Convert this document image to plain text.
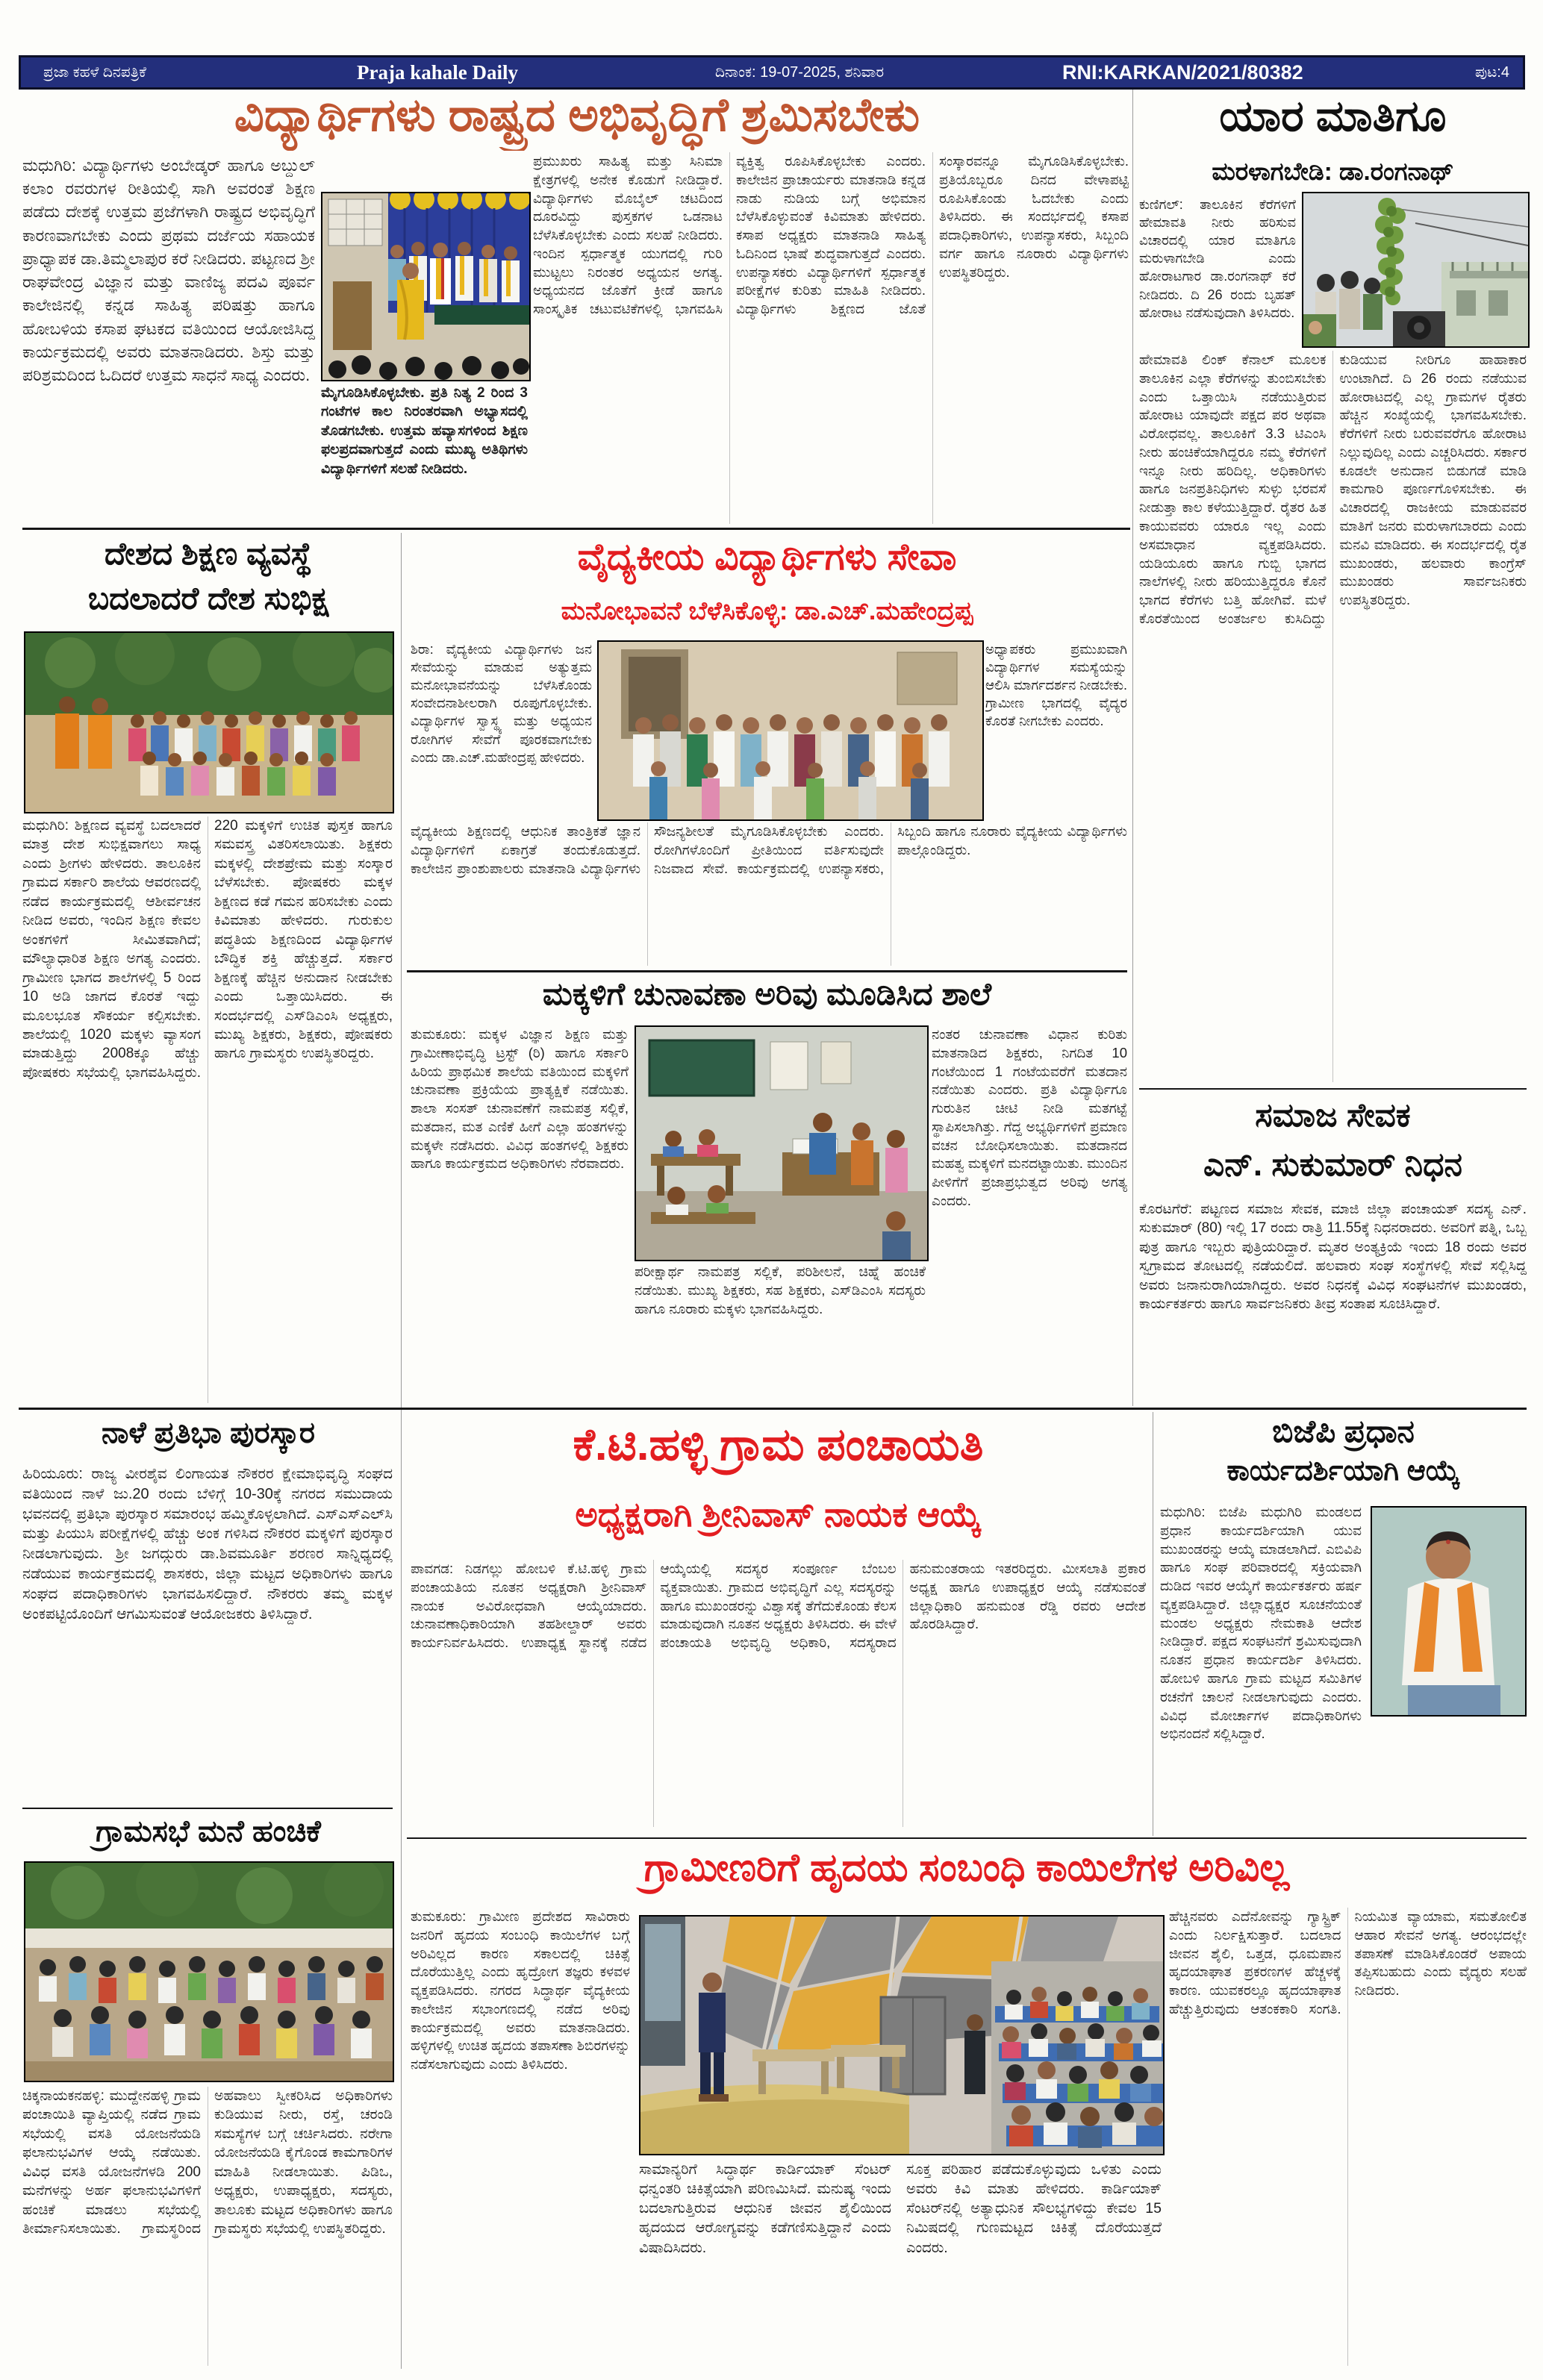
ಪ್ರಜಾ ಕಹಳೆ ದಿನಪತ್ರಿಕೆ	Praja kahale Daily	ದಿನಾಂಕ: 19-07-2025, ಶನಿವಾರ	RNI:KARKAN/2021/80382	ಪುಟ:4
ವಿದ್ಯಾರ್ಥಿಗಳು ರಾಷ್ಟ್ರದ ಅಭಿವೃದ್ಧಿಗೆ ಶ್ರಮಿಸಬೇಕು
ಮಧುಗಿರಿ: ವಿದ್ಯಾರ್ಥಿಗಳು ಅಂಬೇಡ್ಕರ್ ಹಾಗೂ ಅಬ್ದುಲ್ ಕಲಾಂ ರವರುಗಳ ರೀತಿಯಲ್ಲಿ ಸಾಗಿ ಅವರಂತೆ ಶಿಕ್ಷಣ ಪಡೆದು ದೇಶಕ್ಕೆ ಉತ್ತಮ ಪ್ರಜೆಗಳಾಗಿ ರಾಷ್ಟ್ರದ ಅಭಿವೃದ್ಧಿಗೆ ಕಾರಣವಾಗಬೇಕು ಎಂದು ಪ್ರಥಮ ದರ್ಜೆಯ ಸಹಾಯಕ ಪ್ರಾಧ್ಯಾಪಕ ಡಾ.ತಿಮ್ಮಲಾಪುರ ಕರೆ ನೀಡಿದರು. ಪಟ್ಟಣದ ಶ್ರೀ ರಾಘವೇಂದ್ರ ವಿಜ್ಞಾನ ಮತ್ತು ವಾಣಿಜ್ಯ ಪದವಿ ಪೂರ್ವ ಕಾಲೇಜಿನಲ್ಲಿ ಕನ್ನಡ ಸಾಹಿತ್ಯ ಪರಿಷತ್ತು ಹಾಗೂ ಹೋಬಳಿಯ ಕಸಾಪ ಘಟಕದ ವತಿಯಿಂದ ಆಯೋಜಿಸಿದ್ದ ಕಾರ್ಯಕ್ರಮದಲ್ಲಿ ಅವರು ಮಾತನಾಡಿದರು. ಶಿಸ್ತು ಮತ್ತು ಪರಿಶ್ರಮದಿಂದ ಓದಿದರೆ ಉತ್ತಮ ಸಾಧನೆ ಸಾಧ್ಯ ಎಂದರು.
ಮೈಗೂಡಿಸಿಕೊಳ್ಳಬೇಕು. ಪ್ರತಿ ನಿತ್ಯ 2 ರಿಂದ 3 ಗಂಟೆಗಳ ಕಾಲ ನಿರಂತರವಾಗಿ ಅಭ್ಯಾಸದಲ್ಲಿ ತೊಡಗಬೇಕು. ಉತ್ತಮ ಹವ್ಯಾಸಗಳಿಂದ ಶಿಕ್ಷಣ ಫಲಪ್ರದವಾಗುತ್ತದೆ ಎಂದು ಮುಖ್ಯ ಅತಿಥಿಗಳು ವಿದ್ಯಾರ್ಥಿಗಳಿಗೆ ಸಲಹೆ ನೀಡಿದರು.
ಪ್ರಮುಖರು ಸಾಹಿತ್ಯ ಮತ್ತು ಸಿನಿಮಾ ಕ್ಷೇತ್ರಗಳಲ್ಲಿ ಅನೇಕ ಕೊಡುಗೆ ನೀಡಿದ್ದಾರೆ. ವಿದ್ಯಾರ್ಥಿಗಳು ಮೊಬೈಲ್ ಚಟದಿಂದ ದೂರವಿದ್ದು ಪುಸ್ತಕಗಳ ಒಡನಾಟ ಬೆಳೆಸಿಕೊಳ್ಳಬೇಕು ಎಂದು ಸಲಹೆ ನೀಡಿದರು. ಇಂದಿನ ಸ್ಪರ್ಧಾತ್ಮಕ ಯುಗದಲ್ಲಿ ಗುರಿ ಮುಟ್ಟಲು ನಿರಂತರ ಅಧ್ಯಯನ ಅಗತ್ಯ. ಅಧ್ಯಯನದ ಜೊತೆಗೆ ಕ್ರೀಡೆ ಹಾಗೂ ಸಾಂಸ್ಕೃತಿಕ ಚಟುವಟಿಕೆಗಳಲ್ಲಿ ಭಾಗವಹಿಸಿ ವ್ಯಕ್ತಿತ್ವ ರೂಪಿಸಿಕೊಳ್ಳಬೇಕು ಎಂದರು. ಕಾಲೇಜಿನ ಪ್ರಾಚಾರ್ಯರು ಮಾತನಾಡಿ ಕನ್ನಡ ನಾಡು ನುಡಿಯ ಬಗ್ಗೆ ಅಭಿಮಾನ ಬೆಳೆಸಿಕೊಳ್ಳುವಂತೆ ಕಿವಿಮಾತು ಹೇಳಿದರು. ಕಸಾಪ ಅಧ್ಯಕ್ಷರು ಮಾತನಾಡಿ ಸಾಹಿತ್ಯ ಓದಿನಿಂದ ಭಾಷೆ ಶುದ್ಧವಾಗುತ್ತದೆ ಎಂದರು. ಉಪನ್ಯಾಸಕರು ವಿದ್ಯಾರ್ಥಿಗಳಿಗೆ ಸ್ಪರ್ಧಾತ್ಮಕ ಪರೀಕ್ಷೆಗಳ ಕುರಿತು ಮಾಹಿತಿ ನೀಡಿದರು. ವಿದ್ಯಾರ್ಥಿಗಳು ಶಿಕ್ಷಣದ ಜೊತೆ ಸಂಸ್ಕಾರವನ್ನೂ ಮೈಗೂಡಿಸಿಕೊಳ್ಳಬೇಕು. ಪ್ರತಿಯೊಬ್ಬರೂ ದಿನದ ವೇಳಾಪಟ್ಟಿ ರೂಪಿಸಿಕೊಂಡು ಓದಬೇಕು ಎಂದು ತಿಳಿಸಿದರು. ಈ ಸಂದರ್ಭದಲ್ಲಿ ಕಸಾಪ ಪದಾಧಿಕಾರಿಗಳು, ಉಪನ್ಯಾಸಕರು, ಸಿಬ್ಬಂದಿ ವರ್ಗ ಹಾಗೂ ನೂರಾರು ವಿದ್ಯಾರ್ಥಿಗಳು ಉಪಸ್ಥಿತರಿದ್ದರು.
ಯಾರ ಮಾತಿಗೂ
ಮರಳಾಗಬೇಡಿ: ಡಾ.ರಂಗನಾಥ್
ಕುಣಿಗಲ್: ತಾಲೂಕಿನ ಕೆರೆಗಳಿಗೆ ಹೇಮಾವತಿ ನೀರು ಹರಿಸುವ ವಿಚಾರದಲ್ಲಿ ಯಾರ ಮಾತಿಗೂ ಮರುಳಾಗಬೇಡಿ ಎಂದು ಹೋರಾಟಗಾರ ಡಾ.ರಂಗನಾಥ್ ಕರೆ ನೀಡಿದರು. ದಿ 26 ರಂದು ಬೃಹತ್ ಹೋರಾಟ ನಡೆಸುವುದಾಗಿ ತಿಳಿಸಿದರು.
ಹೇಮಾವತಿ ಲಿಂಕ್ ಕೆನಾಲ್ ಮೂಲಕ ತಾಲೂಕಿನ ಎಲ್ಲಾ ಕೆರೆಗಳನ್ನು ತುಂಬಿಸಬೇಕು ಎಂದು ಒತ್ತಾಯಿಸಿ ನಡೆಯುತ್ತಿರುವ ಹೋರಾಟ ಯಾವುದೇ ಪಕ್ಷದ ಪರ ಅಥವಾ ವಿರೋಧವಲ್ಲ. ತಾಲೂಕಿಗೆ 3.3 ಟಿಎಂಸಿ ನೀರು ಹಂಚಿಕೆಯಾಗಿದ್ದರೂ ನಮ್ಮ ಕೆರೆಗಳಿಗೆ ಇನ್ನೂ ನೀರು ಹರಿದಿಲ್ಲ. ಅಧಿಕಾರಿಗಳು ಹಾಗೂ ಜನಪ್ರತಿನಿಧಿಗಳು ಸುಳ್ಳು ಭರವಸೆ ನೀಡುತ್ತಾ ಕಾಲ ಕಳೆಯುತ್ತಿದ್ದಾರೆ. ರೈತರ ಹಿತ ಕಾಯುವವರು ಯಾರೂ ಇಲ್ಲ ಎಂದು ಅಸಮಾಧಾನ ವ್ಯಕ್ತಪಡಿಸಿದರು. ಯಡಿಯೂರು ಹಾಗೂ ಗುಬ್ಬಿ ಭಾಗದ ನಾಲೆಗಳಲ್ಲಿ ನೀರು ಹರಿಯುತ್ತಿದ್ದರೂ ಕೊನೆ ಭಾಗದ ಕೆರೆಗಳು ಬತ್ತಿ ಹೋಗಿವೆ. ಮಳೆ ಕೊರತೆಯಿಂದ ಅಂತರ್ಜಲ ಕುಸಿದಿದ್ದು ಕುಡಿಯುವ ನೀರಿಗೂ ಹಾಹಾಕಾರ ಉಂಟಾಗಿದೆ. ದಿ 26 ರಂದು ನಡೆಯುವ ಹೋರಾಟದಲ್ಲಿ ಎಲ್ಲ ಗ್ರಾಮಗಳ ರೈತರು ಹೆಚ್ಚಿನ ಸಂಖ್ಯೆಯಲ್ಲಿ ಭಾಗವಹಿಸಬೇಕು. ಕೆರೆಗಳಿಗೆ ನೀರು ಬರುವವರೆಗೂ ಹೋರಾಟ ನಿಲ್ಲುವುದಿಲ್ಲ ಎಂದು ಎಚ್ಚರಿಸಿದರು. ಸರ್ಕಾರ ಕೂಡಲೇ ಅನುದಾನ ಬಿಡುಗಡೆ ಮಾಡಿ ಕಾಮಗಾರಿ ಪೂರ್ಣಗೊಳಿಸಬೇಕು. ಈ ವಿಚಾರದಲ್ಲಿ ರಾಜಕೀಯ ಮಾಡುವವರ ಮಾತಿಗೆ ಜನರು ಮರುಳಾಗಬಾರದು ಎಂದು ಮನವಿ ಮಾಡಿದರು. ಈ ಸಂದರ್ಭದಲ್ಲಿ ರೈತ ಮುಖಂಡರು, ಹಲವಾರು ಕಾಂಗ್ರೆಸ್ ಮುಖಂಡರು ಸಾರ್ವಜನಿಕರು ಉಪಸ್ಥಿತರಿದ್ದರು.
ದೇಶದ ಶಿಕ್ಷಣ ವ್ಯವಸ್ಥೆ
ಬದಲಾದರೆ ದೇಶ ಸುಭಿಕ್ಷ
ಮಧುಗಿರಿ: ಶಿಕ್ಷಣದ ವ್ಯವಸ್ಥೆ ಬದಲಾದರೆ ಮಾತ್ರ ದೇಶ ಸುಭಿಕ್ಷವಾಗಲು ಸಾಧ್ಯ ಎಂದು ಶ್ರೀಗಳು ಹೇಳಿದರು. ತಾಲೂಕಿನ ಗ್ರಾಮದ ಸರ್ಕಾರಿ ಶಾಲೆಯ ಆವರಣದಲ್ಲಿ ನಡೆದ ಕಾರ್ಯಕ್ರಮದಲ್ಲಿ ಆಶೀರ್ವಚನ ನೀಡಿದ ಅವರು, ಇಂದಿನ ಶಿಕ್ಷಣ ಕೇವಲ ಅಂಕಗಳಿಗೆ ಸೀಮಿತವಾಗಿದೆ; ಮೌಲ್ಯಾಧಾರಿತ ಶಿಕ್ಷಣ ಅಗತ್ಯ ಎಂದರು. ಗ್ರಾಮೀಣ ಭಾಗದ ಶಾಲೆಗಳಲ್ಲಿ 5 ರಿಂದ 10 ಅಡಿ ಜಾಗದ ಕೊರತೆ ಇದ್ದು ಮೂಲಭೂತ ಸೌಕರ್ಯ ಕಲ್ಪಿಸಬೇಕು. ಶಾಲೆಯಲ್ಲಿ 1020 ಮಕ್ಕಳು ವ್ಯಾಸಂಗ ಮಾಡುತ್ತಿದ್ದು 2008ಕ್ಕೂ ಹೆಚ್ಚು ಪೋಷಕರು ಸಭೆಯಲ್ಲಿ ಭಾಗವಹಿಸಿದ್ದರು. 220 ಮಕ್ಕಳಿಗೆ ಉಚಿತ ಪುಸ್ತಕ ಹಾಗೂ ಸಮವಸ್ತ್ರ ವಿತರಿಸಲಾಯಿತು. ಶಿಕ್ಷಕರು ಮಕ್ಕಳಲ್ಲಿ ದೇಶಪ್ರೇಮ ಮತ್ತು ಸಂಸ್ಕಾರ ಬೆಳೆಸಬೇಕು. ಪೋಷಕರು ಮಕ್ಕಳ ಶಿಕ್ಷಣದ ಕಡೆ ಗಮನ ಹರಿಸಬೇಕು ಎಂದು ಕಿವಿಮಾತು ಹೇಳಿದರು. ಗುರುಕುಲ ಪದ್ಧತಿಯ ಶಿಕ್ಷಣದಿಂದ ವಿದ್ಯಾರ್ಥಿಗಳ ಬೌದ್ಧಿಕ ಶಕ್ತಿ ಹೆಚ್ಚುತ್ತದೆ. ಸರ್ಕಾರ ಶಿಕ್ಷಣಕ್ಕೆ ಹೆಚ್ಚಿನ ಅನುದಾನ ನೀಡಬೇಕು ಎಂದು ಒತ್ತಾಯಿಸಿದರು. ಈ ಸಂದರ್ಭದಲ್ಲಿ ಎಸ್‌ಡಿಎಂಸಿ ಅಧ್ಯಕ್ಷರು, ಮುಖ್ಯ ಶಿಕ್ಷಕರು, ಶಿಕ್ಷಕರು, ಪೋಷಕರು ಹಾಗೂ ಗ್ರಾಮಸ್ಥರು ಉಪಸ್ಥಿತರಿದ್ದರು.
ವೈದ್ಯಕೀಯ ವಿದ್ಯಾರ್ಥಿಗಳು ಸೇವಾ
ಮನೋಭಾವನೆ ಬೆಳೆಸಿಕೊಳ್ಳಿ: ಡಾ.ಎಚ್.ಮಹೇಂದ್ರಪ್ಪ
ಶಿರಾ: ವೈದ್ಯಕೀಯ ವಿದ್ಯಾರ್ಥಿಗಳು ಜನ ಸೇವೆಯನ್ನು ಮಾಡುವ ಅತ್ಯುತ್ತಮ ಮನೋಭಾವನೆಯನ್ನು ಬೆಳೆಸಿಕೊಂಡು ಸಂವೇದನಾಶೀಲರಾಗಿ ರೂಪುಗೊಳ್ಳಬೇಕು. ವಿದ್ಯಾರ್ಥಿಗಳ ಸ್ವಾಸ್ಥ್ಯ ಮತ್ತು ಅಧ್ಯಯನ ರೋಗಿಗಳ ಸೇವೆಗೆ ಪೂರಕವಾಗಬೇಕು ಎಂದು ಡಾ.ಎಚ್.ಮಹೇಂದ್ರಪ್ಪ ಹೇಳಿದರು.
ಅಧ್ಯಾಪಕರು ಪ್ರಮುಖವಾಗಿ ವಿದ್ಯಾರ್ಥಿಗಳ ಸಮಸ್ಯೆಯನ್ನು ಆಲಿಸಿ ಮಾರ್ಗದರ್ಶನ ನೀಡಬೇಕು. ಗ್ರಾಮೀಣ ಭಾಗದಲ್ಲಿ ವೈದ್ಯರ ಕೊರತೆ ನೀಗಬೇಕು ಎಂದರು.
ವೈದ್ಯಕೀಯ ಶಿಕ್ಷಣದಲ್ಲಿ ಆಧುನಿಕ ತಾಂತ್ರಿಕತೆ ಜ್ಞಾನ ವಿದ್ಯಾರ್ಥಿಗಳಿಗೆ ಏಕಾಗ್ರತೆ ತಂದುಕೊಡುತ್ತದೆ. ಕಾಲೇಜಿನ ಪ್ರಾಂಶುಪಾಲರು ಮಾತನಾಡಿ ವಿದ್ಯಾರ್ಥಿಗಳು ಸೌಜನ್ಯಶೀಲತೆ ಮೈಗೂಡಿಸಿಕೊಳ್ಳಬೇಕು ಎಂದರು. ರೋಗಿಗಳೊಂದಿಗೆ ಪ್ರೀತಿಯಿಂದ ವರ್ತಿಸುವುದೇ ನಿಜವಾದ ಸೇವೆ. ಕಾರ್ಯಕ್ರಮದಲ್ಲಿ ಉಪನ್ಯಾಸಕರು, ಸಿಬ್ಬಂದಿ ಹಾಗೂ ನೂರಾರು ವೈದ್ಯಕೀಯ ವಿದ್ಯಾರ್ಥಿಗಳು ಪಾಲ್ಗೊಂಡಿದ್ದರು.
ಮಕ್ಕಳಿಗೆ ಚುನಾವಣಾ ಅರಿವು ಮೂಡಿಸಿದ ಶಾಲೆ
ತುಮಕೂರು: ಮಕ್ಕಳ ವಿಜ್ಞಾನ ಶಿಕ್ಷಣ ಮತ್ತು ಗ್ರಾಮೀಣಾಭಿವೃದ್ಧಿ ಟ್ರಸ್ಟ್ (ರಿ) ಹಾಗೂ ಸರ್ಕಾರಿ ಹಿರಿಯ ಪ್ರಾಥಮಿಕ ಶಾಲೆಯ ವತಿಯಿಂದ ಮಕ್ಕಳಿಗೆ ಚುನಾವಣಾ ಪ್ರಕ್ರಿಯೆಯ ಪ್ರಾತ್ಯಕ್ಷಿಕೆ ನಡೆಯಿತು. ಶಾಲಾ ಸಂಸತ್ ಚುನಾವಣೆಗೆ ನಾಮಪತ್ರ ಸಲ್ಲಿಕೆ, ಮತದಾನ, ಮತ ಎಣಿಕೆ ಹೀಗೆ ಎಲ್ಲಾ ಹಂತಗಳನ್ನು ಮಕ್ಕಳೇ ನಡೆಸಿದರು. ವಿವಿಧ ಹಂತಗಳಲ್ಲಿ ಶಿಕ್ಷಕರು ಹಾಗೂ ಕಾರ್ಯಕ್ರಮದ ಅಧಿಕಾರಿಗಳು ನೆರವಾದರು.
ನಂತರ ಚುನಾವಣಾ ವಿಧಾನ ಕುರಿತು ಮಾತನಾಡಿದ ಶಿಕ್ಷಕರು, ನಿಗದಿತ 10 ಗಂಟೆಯಿಂದ 1 ಗಂಟೆಯವರೆಗೆ ಮತದಾನ ನಡೆಯಿತು ಎಂದರು. ಪ್ರತಿ ವಿದ್ಯಾರ್ಥಿಗೂ ಗುರುತಿನ ಚೀಟಿ ನೀಡಿ ಮತಗಟ್ಟೆ ಸ್ಥಾಪಿಸಲಾಗಿತ್ತು. ಗೆದ್ದ ಅಭ್ಯರ್ಥಿಗಳಿಗೆ ಪ್ರಮಾಣ ವಚನ ಬೋಧಿಸಲಾಯಿತು. ಮತದಾನದ ಮಹತ್ವ ಮಕ್ಕಳಿಗೆ ಮನದಟ್ಟಾಯಿತು. ಮುಂದಿನ ಪೀಳಿಗೆಗೆ ಪ್ರಜಾಪ್ರಭುತ್ವದ ಅರಿವು ಅಗತ್ಯ ಎಂದರು.
ಪರೀಕ್ಷಾರ್ಥ ನಾಮಪತ್ರ ಸಲ್ಲಿಕೆ, ಪರಿಶೀಲನೆ, ಚಿಹ್ನೆ ಹಂಚಿಕೆ ನಡೆಯಿತು. ಮುಖ್ಯ ಶಿಕ್ಷಕರು, ಸಹ ಶಿಕ್ಷಕರು, ಎಸ್‌ಡಿಎಂಸಿ ಸದಸ್ಯರು ಹಾಗೂ ನೂರಾರು ಮಕ್ಕಳು ಭಾಗವಹಿಸಿದ್ದರು.
ಸಮಾಜ ಸೇವಕ
ಎನ್. ಸುಕುಮಾರ್ ನಿಧನ
ಕೊರಟಗೆರೆ: ಪಟ್ಟಣದ ಸಮಾಜ ಸೇವಕ, ಮಾಜಿ ಜಿಲ್ಲಾ ಪಂಚಾಯತ್ ಸದಸ್ಯ ಎನ್. ಸುಕುಮಾರ್ (80) ಇಲ್ಲಿ 17 ರಂದು ರಾತ್ರಿ 11.55ಕ್ಕೆ ನಿಧನರಾದರು. ಅವರಿಗೆ ಪತ್ನಿ, ಒಬ್ಬ ಪುತ್ರ ಹಾಗೂ ಇಬ್ಬರು ಪುತ್ರಿಯರಿದ್ದಾರೆ. ಮೃತರ ಅಂತ್ಯಕ್ರಿಯೆ ಇಂದು 18 ರಂದು ಅವರ ಸ್ವಗ್ರಾಮದ ತೋಟದಲ್ಲಿ ನಡೆಯಲಿದೆ. ಹಲವಾರು ಸಂಘ ಸಂಸ್ಥೆಗಳಲ್ಲಿ ಸೇವೆ ಸಲ್ಲಿಸಿದ್ದ ಅವರು ಜನಾನುರಾಗಿಯಾಗಿದ್ದರು. ಅವರ ನಿಧನಕ್ಕೆ ವಿವಿಧ ಸಂಘಟನೆಗಳ ಮುಖಂಡರು, ಕಾರ್ಯಕರ್ತರು ಹಾಗೂ ಸಾರ್ವಜನಿಕರು ತೀವ್ರ ಸಂತಾಪ ಸೂಚಿಸಿದ್ದಾರೆ.
ನಾಳೆ ಪ್ರತಿಭಾ ಪುರಸ್ಕಾರ
ಹಿರಿಯೂರು: ರಾಜ್ಯ ವೀರಶೈವ ಲಿಂಗಾಯತ ನೌಕರರ ಕ್ಷೇಮಾಭಿವೃದ್ಧಿ ಸಂಘದ ವತಿಯಿಂದ ನಾಳೆ ಜು.20 ರಂದು ಬೆಳಿಗ್ಗೆ 10-30ಕ್ಕೆ ನಗರದ ಸಮುದಾಯ ಭವನದಲ್ಲಿ ಪ್ರತಿಭಾ ಪುರಸ್ಕಾರ ಸಮಾರಂಭ ಹಮ್ಮಿಕೊಳ್ಳಲಾಗಿದೆ. ಎಸ್‌ಎಸ್‌ಎಲ್‌ಸಿ ಮತ್ತು ಪಿಯುಸಿ ಪರೀಕ್ಷೆಗಳಲ್ಲಿ ಹೆಚ್ಚು ಅಂಕ ಗಳಿಸಿದ ನೌಕರರ ಮಕ್ಕಳಿಗೆ ಪುರಸ್ಕಾರ ನೀಡಲಾಗುವುದು. ಶ್ರೀ ಜಗದ್ಗುರು ಡಾ.ಶಿವಮೂರ್ತಿ ಶರಣರ ಸಾನ್ನಿಧ್ಯದಲ್ಲಿ ನಡೆಯುವ ಕಾರ್ಯಕ್ರಮದಲ್ಲಿ ಶಾಸಕರು, ಜಿಲ್ಲಾ ಮಟ್ಟದ ಅಧಿಕಾರಿಗಳು ಹಾಗೂ ಸಂಘದ ಪದಾಧಿಕಾರಿಗಳು ಭಾಗವಹಿಸಲಿದ್ದಾರೆ. ನೌಕರರು ತಮ್ಮ ಮಕ್ಕಳ ಅಂಕಪಟ್ಟಿಯೊಂದಿಗೆ ಆಗಮಿಸುವಂತೆ ಆಯೋಜಕರು ತಿಳಿಸಿದ್ದಾರೆ.
ಕೆ.ಟಿ.ಹಳ್ಳಿ ಗ್ರಾಮ ಪಂಚಾಯತಿ
ಅಧ್ಯಕ್ಷರಾಗಿ ಶ್ರೀನಿವಾಸ್ ನಾಯಕ ಆಯ್ಕೆ
ಪಾವಗಡ: ನಿಡಗಲ್ಲು ಹೋಬಳಿ ಕೆ.ಟಿ.ಹಳ್ಳಿ ಗ್ರಾಮ ಪಂಚಾಯತಿಯ ನೂತನ ಅಧ್ಯಕ್ಷರಾಗಿ ಶ್ರೀನಿವಾಸ್ ನಾಯಕ ಅವಿರೋಧವಾಗಿ ಆಯ್ಕೆಯಾದರು. ಚುನಾವಣಾಧಿಕಾರಿಯಾಗಿ ತಹಶೀಲ್ದಾರ್ ಅವರು ಕಾರ್ಯನಿರ್ವಹಿಸಿದರು. ಉಪಾಧ್ಯಕ್ಷ ಸ್ಥಾನಕ್ಕೆ ನಡೆದ ಆಯ್ಕೆಯಲ್ಲಿ ಸದಸ್ಯರ ಸಂಪೂರ್ಣ ಬೆಂಬಲ ವ್ಯಕ್ತವಾಯಿತು. ಗ್ರಾಮದ ಅಭಿವೃದ್ಧಿಗೆ ಎಲ್ಲ ಸದಸ್ಯರನ್ನು ಹಾಗೂ ಮುಖಂಡರನ್ನು ವಿಶ್ವಾಸಕ್ಕೆ ತೆಗೆದುಕೊಂಡು ಕೆಲಸ ಮಾಡುವುದಾಗಿ ನೂತನ ಅಧ್ಯಕ್ಷರು ತಿಳಿಸಿದರು. ಈ ವೇಳೆ ಪಂಚಾಯತಿ ಅಭಿವೃದ್ಧಿ ಅಧಿಕಾರಿ, ಸದಸ್ಯರಾದ ಹನುಮಂತರಾಯ ಇತರರಿದ್ದರು. ಮೀಸಲಾತಿ ಪ್ರಕಾರ ಅಧ್ಯಕ್ಷ ಹಾಗೂ ಉಪಾಧ್ಯಕ್ಷರ ಆಯ್ಕೆ ನಡೆಸುವಂತೆ ಜಿಲ್ಲಾಧಿಕಾರಿ ಹನುಮಂತ ರೆಡ್ಡಿ ರವರು ಆದೇಶ ಹೊರಡಿಸಿದ್ದಾರೆ.
ಬಿಜೆಪಿ ಪ್ರಧಾನ
ಕಾರ್ಯದರ್ಶಿಯಾಗಿ ಆಯ್ಕೆ
ಮಧುಗಿರಿ: ಬಿಜೆಪಿ ಮಧುಗಿರಿ ಮಂಡಲದ ಪ್ರಧಾನ ಕಾರ್ಯದರ್ಶಿಯಾಗಿ ಯುವ ಮುಖಂಡರನ್ನು ಆಯ್ಕೆ ಮಾಡಲಾಗಿದೆ. ಎಬಿವಿಪಿ ಹಾಗೂ ಸಂಘ ಪರಿವಾರದಲ್ಲಿ ಸಕ್ರಿಯವಾಗಿ ದುಡಿದ ಇವರ ಆಯ್ಕೆಗೆ ಕಾರ್ಯಕರ್ತರು ಹರ್ಷ ವ್ಯಕ್ತಪಡಿಸಿದ್ದಾರೆ. ಜಿಲ್ಲಾಧ್ಯಕ್ಷರ ಸೂಚನೆಯಂತೆ ಮಂಡಲ ಅಧ್ಯಕ್ಷರು ನೇಮಕಾತಿ ಆದೇಶ ನೀಡಿದ್ದಾರೆ. ಪಕ್ಷದ ಸಂಘಟನೆಗೆ ಶ್ರಮಿಸುವುದಾಗಿ ನೂತನ ಪ್ರಧಾನ ಕಾರ್ಯದರ್ಶಿ ತಿಳಿಸಿದರು. ಹೋಬಳಿ ಹಾಗೂ ಗ್ರಾಮ ಮಟ್ಟದ ಸಮಿತಿಗಳ ರಚನೆಗೆ ಚಾಲನೆ ನೀಡಲಾಗುವುದು ಎಂದರು. ವಿವಿಧ ಮೋರ್ಚಾಗಳ ಪದಾಧಿಕಾರಿಗಳು ಅಭಿನಂದನೆ ಸಲ್ಲಿಸಿದ್ದಾರೆ.
ಗ್ರಾಮಸಭೆ ಮನೆ ಹಂಚಿಕೆ
ಚಿಕ್ಕನಾಯಕನಹಳ್ಳಿ: ಮುದ್ದೇನಹಳ್ಳಿ ಗ್ರಾಮ ಪಂಚಾಯಿತಿ ವ್ಯಾಪ್ತಿಯಲ್ಲಿ ನಡೆದ ಗ್ರಾಮ ಸಭೆಯಲ್ಲಿ ವಸತಿ ಯೋಜನೆಯಡಿ ಫಲಾನುಭವಿಗಳ ಆಯ್ಕೆ ನಡೆಯಿತು. ವಿವಿಧ ವಸತಿ ಯೋಜನೆಗಳಡಿ 200 ಮನೆಗಳನ್ನು ಅರ್ಹ ಫಲಾನುಭವಿಗಳಿಗೆ ಹಂಚಿಕೆ ಮಾಡಲು ಸಭೆಯಲ್ಲಿ ತೀರ್ಮಾನಿಸಲಾಯಿತು. ಗ್ರಾಮಸ್ಥರಿಂದ ಅಹವಾಲು ಸ್ವೀಕರಿಸಿದ ಅಧಿಕಾರಿಗಳು ಕುಡಿಯುವ ನೀರು, ರಸ್ತೆ, ಚರಂಡಿ ಸಮಸ್ಯೆಗಳ ಬಗ್ಗೆ ಚರ್ಚಿಸಿದರು. ನರೇಗಾ ಯೋಜನೆಯಡಿ ಕೈಗೊಂಡ ಕಾಮಗಾರಿಗಳ ಮಾಹಿತಿ ನೀಡಲಾಯಿತು. ಪಿಡಿಒ, ಅಧ್ಯಕ್ಷರು, ಉಪಾಧ್ಯಕ್ಷರು, ಸದಸ್ಯರು, ತಾಲೂಕು ಮಟ್ಟದ ಅಧಿಕಾರಿಗಳು ಹಾಗೂ ಗ್ರಾಮಸ್ಥರು ಸಭೆಯಲ್ಲಿ ಉಪಸ್ಥಿತರಿದ್ದರು.
ಗ್ರಾಮೀಣರಿಗೆ ಹೃದಯ ಸಂಬಂಧಿ ಕಾಯಿಲೆಗಳ ಅರಿವಿಲ್ಲ
ತುಮಕೂರು: ಗ್ರಾಮೀಣ ಪ್ರದೇಶದ ಸಾವಿರಾರು ಜನರಿಗೆ ಹೃದಯ ಸಂಬಂಧಿ ಕಾಯಿಲೆಗಳ ಬಗ್ಗೆ ಅರಿವಿಲ್ಲದ ಕಾರಣ ಸಕಾಲದಲ್ಲಿ ಚಿಕಿತ್ಸೆ ದೊರೆಯುತ್ತಿಲ್ಲ ಎಂದು ಹೃದ್ರೋಗ ತಜ್ಞರು ಕಳವಳ ವ್ಯಕ್ತಪಡಿಸಿದರು. ನಗರದ ಸಿದ್ಧಾರ್ಥ ವೈದ್ಯಕೀಯ ಕಾಲೇಜಿನ ಸಭಾಂಗಣದಲ್ಲಿ ನಡೆದ ಅರಿವು ಕಾರ್ಯಕ್ರಮದಲ್ಲಿ ಅವರು ಮಾತನಾಡಿದರು. ಹಳ್ಳಿಗಳಲ್ಲಿ ಉಚಿತ ಹೃದಯ ತಪಾಸಣಾ ಶಿಬಿರಗಳನ್ನು ನಡೆಸಲಾಗುವುದು ಎಂದು ತಿಳಿಸಿದರು.
ಹೆಚ್ಚಿನವರು ಎದೆನೋವನ್ನು ಗ್ಯಾಸ್ಟ್ರಿಕ್ ಎಂದು ನಿರ್ಲಕ್ಷಿಸುತ್ತಾರೆ. ಬದಲಾದ ಜೀವನ ಶೈಲಿ, ಒತ್ತಡ, ಧೂಮಪಾನ ಹೃದಯಾಘಾತ ಪ್ರಕರಣಗಳ ಹೆಚ್ಚಳಕ್ಕೆ ಕಾರಣ. ಯುವಕರಲ್ಲೂ ಹೃದಯಾಘಾತ ಹೆಚ್ಚುತ್ತಿರುವುದು ಆತಂಕಕಾರಿ ಸಂಗತಿ. ನಿಯಮಿತ ವ್ಯಾಯಾಮ, ಸಮತೋಲಿತ ಆಹಾರ ಸೇವನೆ ಅಗತ್ಯ. ಆರಂಭದಲ್ಲೇ ತಪಾಸಣೆ ಮಾಡಿಸಿಕೊಂಡರೆ ಅಪಾಯ ತಪ್ಪಿಸಬಹುದು ಎಂದು ವೈದ್ಯರು ಸಲಹೆ ನೀಡಿದರು.
ಸಾಮಾನ್ಯರಿಗೆ ಸಿದ್ಧಾರ್ಥ ಕಾರ್ಡಿಯಾಕ್ ಸೆಂಟರ್ ಧನ್ವಂತರಿ ಚಿಕಿತ್ಸೆಯಾಗಿ ಪರಿಣಮಿಸಿದೆ. ಮನುಷ್ಯ ಇಂದು ಬದಲಾಗುತ್ತಿರುವ ಆಧುನಿಕ ಜೀವನ ಶೈಲಿಯಿಂದ ಹೃದಯದ ಆರೋಗ್ಯವನ್ನು ಕಡೆಗಣಿಸುತ್ತಿದ್ದಾನೆ ಎಂದು ವಿಷಾದಿಸಿದರು.
ಸೂಕ್ತ ಪರಿಹಾರ ಪಡೆದುಕೊಳ್ಳುವುದು ಒಳಿತು ಎಂದು ಅವರು ಕಿವಿ ಮಾತು ಹೇಳಿದರು. ಕಾರ್ಡಿಯಾಕ್ ಸೆಂಟರ್‌ನಲ್ಲಿ ಅತ್ಯಾಧುನಿಕ ಸೌಲಭ್ಯಗಳಿದ್ದು ಕೇವಲ 15 ನಿಮಿಷದಲ್ಲಿ ಗುಣಮಟ್ಟದ ಚಿಕಿತ್ಸೆ ದೊರೆಯುತ್ತದೆ ಎಂದರು.
